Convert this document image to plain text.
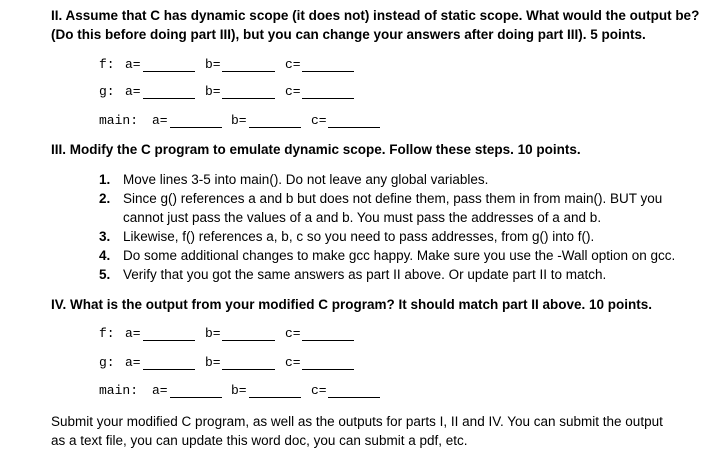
II. Assume that C has dynamic scope (it does not) instead of static scope. What would the output be?
(Do this before doing part III), but you can change your answers after doing part III). 5 points.
f: a=	b=	c=
g: a=	b=	c=
main: a=	b=	c=
III. Modify the C program to emulate dynamic scope. Follow these steps. 10 points.
1. Move lines 3-5 into main(). Do not leave any global variables.
2. Since g() references a and b but does not define them, pass them in from main(). BUT you
cannot just pass the values of a and b. You must pass the addresses of a and b.
3. Likewise, f() references a, b, c so you need to pass addresses, from g() into f().
4. Do some additional changes to make gcc happy. Make sure you use the -Wall option on gcc.
5. Verify that you got the same answers as part II above. Or update part II to match.
IV. What is the output from your modified C program? It should match part II above. 10 points.
f: a=	b=	c=
g: a=	b=	c=
main: a=	b=	c=
Submit your modified C program, as well as the outputs for parts I, II and IV. You can submit the output
as a text file, you can update this word doc, you can submit a pdf, etc.
